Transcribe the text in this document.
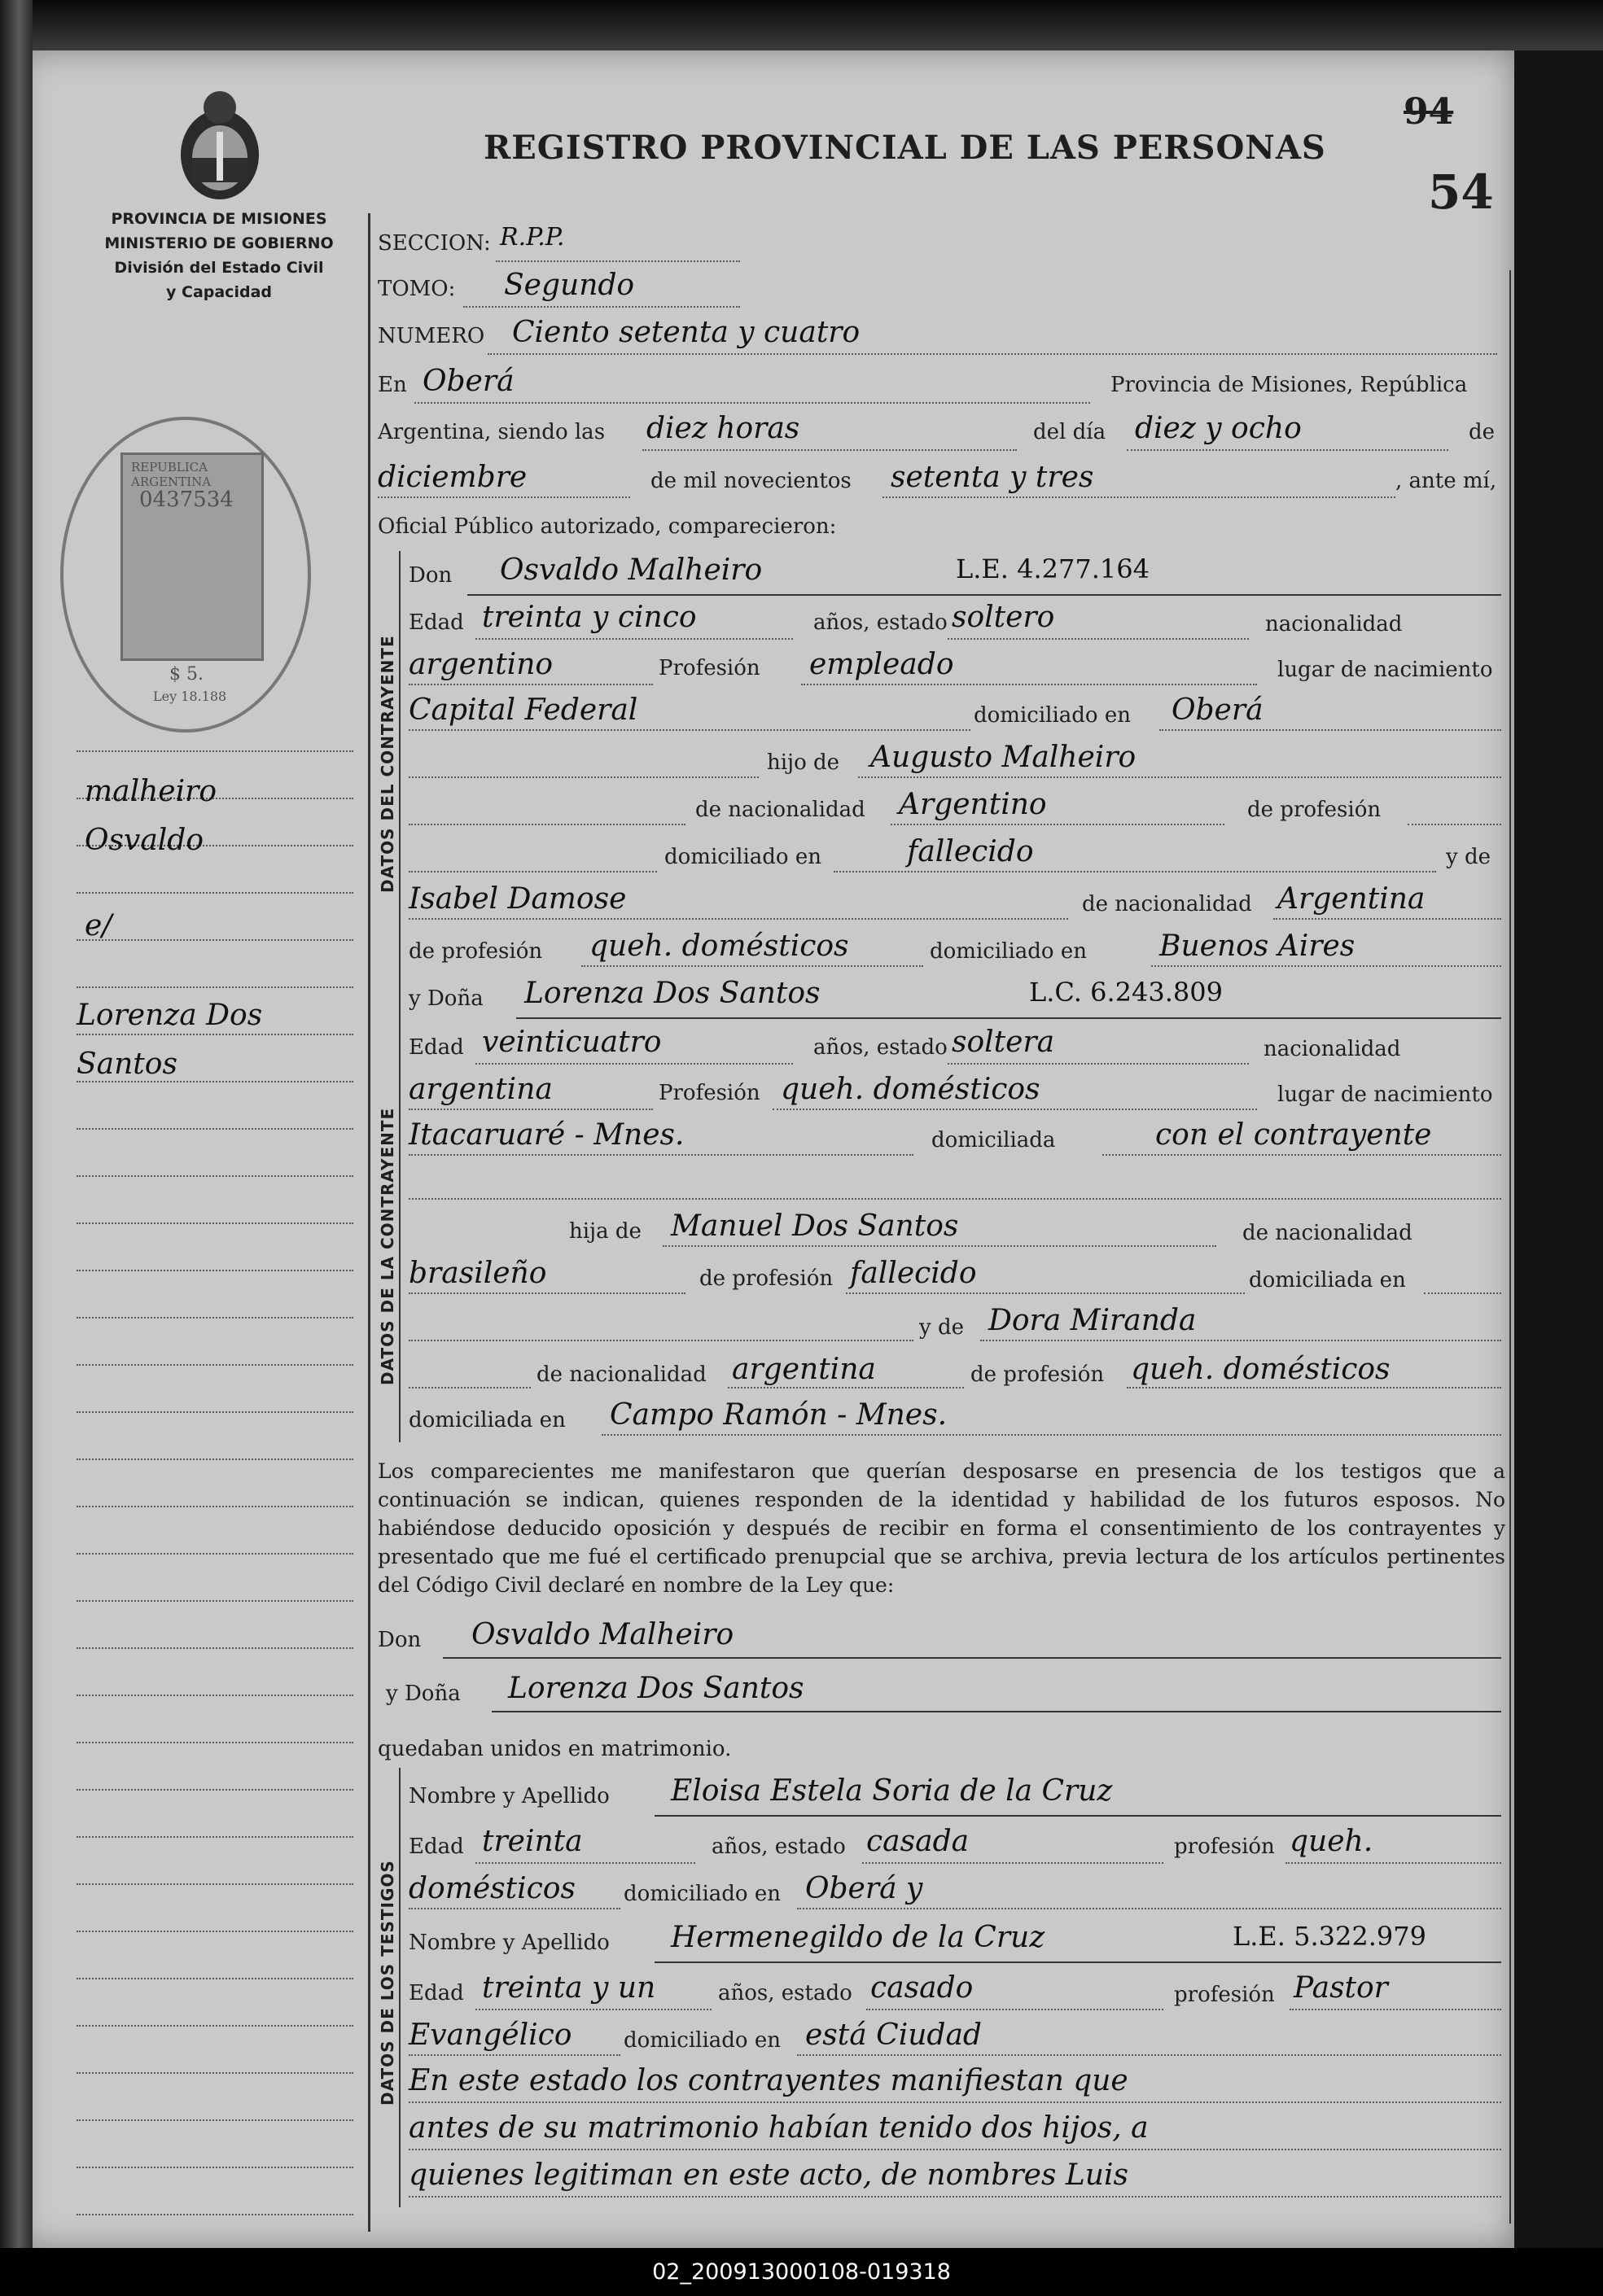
PROVINCIA DE MISIONES
MINISTERIO DE GOBIERNO
División del Estado Civil
y Capacidad
REGISTRO PROVINCIAL DE LAS PERSONAS
94
54
REPUBLICA ARGENTINA
0437534
$ 5.
Ley 18.188
malheiro
Osvaldo
e/
Lorenza Dos
Santos
SECCION: R.P.P.
TOMO: Segundo
NUMERO Ciento setenta y cuatro
En Oberá	Provincia de Misiones, República
Argentina, siendo las diez horas	del día diez y ocho	de
diciembre	de mil novecientos setenta y tres	, ante mí,
Oficial Público autorizado, comparecieron:
DATOS DEL CONTRAYENTE
Don Osvaldo Malheiro	L.E. 4.277.164
Edad treinta y cinco	años, estado soltero	nacionalidad
argentino	Profesión empleado	lugar de nacimiento
Capital Federal	domiciliado en Oberá
hijo de Augusto Malheiro
de nacionalidad Argentino	de profesión
domiciliado en	fallecido	y de
Isabel Damose	de nacionalidad Argentina
de profesión queh. domésticos	domiciliado en Buenos Aires
DATOS DE LA CONTRAYENTE
y Doña Lorenza Dos Santos	L.C. 6.243.809
Edad veinticuatro	años, estado soltera	nacionalidad
argentina	Profesión queh. domésticos	lugar de nacimiento
Itacaruaré - Mnes.	domiciliada	con el contrayente
hija de Manuel Dos Santos	de nacionalidad
brasileño	de profesión fallecido	domiciliada en
y de Dora Miranda
de nacionalidad argentina	de profesión queh. domésticos
domiciliada en Campo Ramón - Mnes.
Los comparecientes me manifestaron que querían desposarse en presencia de los testigos que a continuación se indican, quienes responden de la identidad y habilidad de los futuros esposos. No habiéndose deducido oposición y después de recibir en forma el consentimiento de los contrayentes y presentado que me fué el certificado prenupcial que se archiva, previa lectura de los artículos pertinentes del Código Civil declaré en nombre de la Ley que:
Don Osvaldo Malheiro
y Doña Lorenza Dos Santos
quedaban unidos en matrimonio.
DATOS DE LOS TESTIGOS
Nombre y Apellido Eloisa Estela Soria de la Cruz
Edad treinta	años, estado casada	profesión queh.
domésticos domiciliado en Oberá y
Nombre y Apellido Hermenegildo de la Cruz	L.E. 5.322.979
Edad treinta y un	años, estado casado	profesión Pastor
Evangélico domiciliado en está Ciudad
En este estado los contrayentes manifiestan que
antes de su matrimonio habían tenido dos hijos, a
quienes legitiman en este acto, de nombres Luis
02_200913000108-019318
